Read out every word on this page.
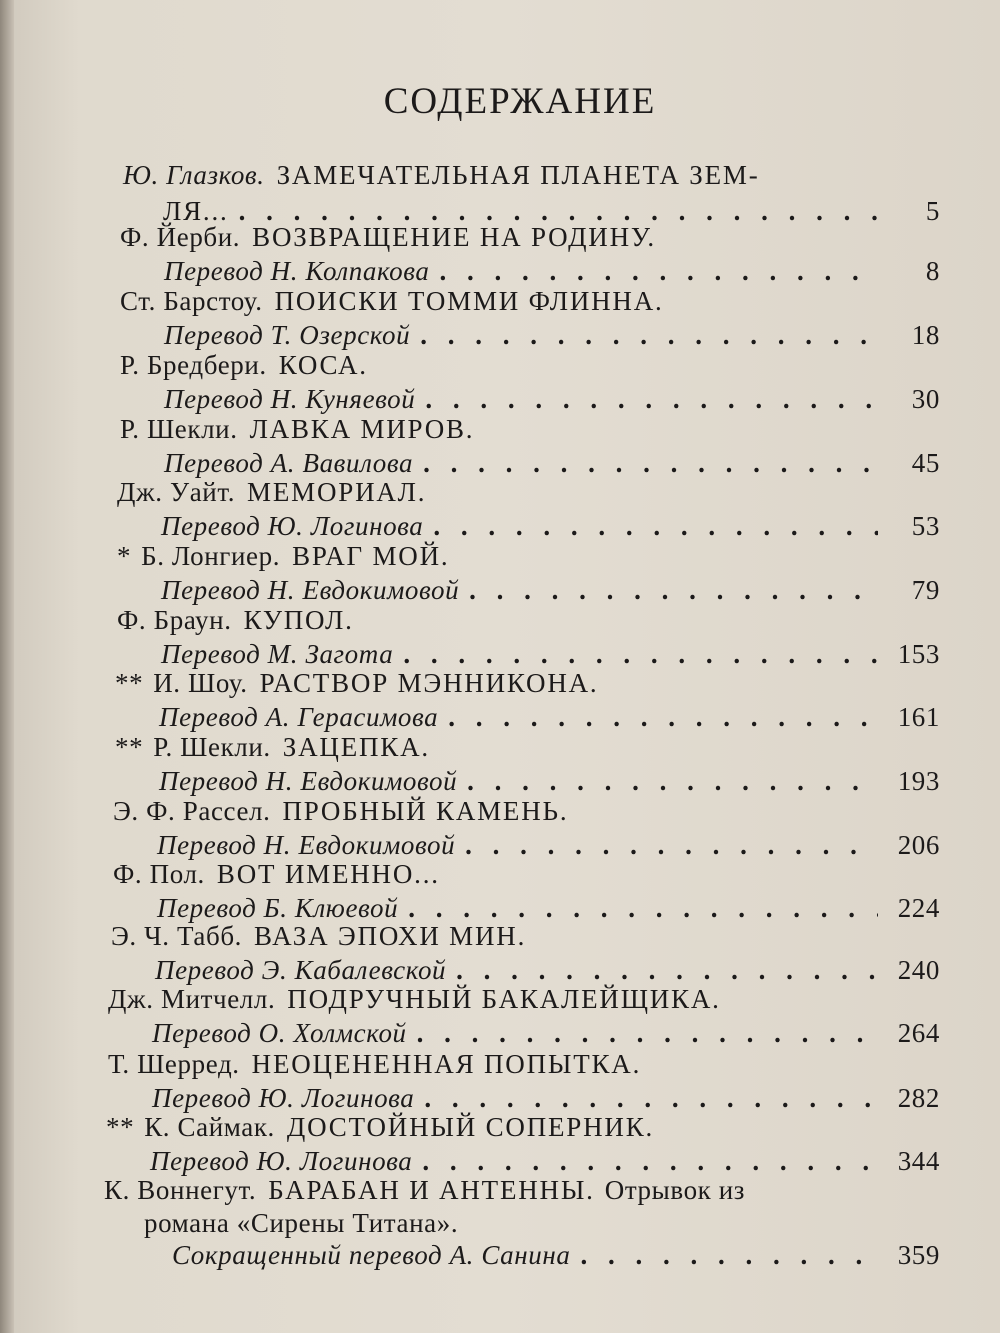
СОДЕРЖАНИЕ
Ю. Глазков. ЗАМЕЧАТЕЛЬНАЯ ПЛАНЕТА ЗЕМ-
ЛЯ... . . .	5
Ф. Йерби. ВОЗВРАЩЕНИЕ НА РОДИНУ.
Перевод Н. Колпакова . . .	8
Ст. Барстоу. ПОИСКИ ТОММИ ФЛИННА.
Перевод Т. Озерской . . .	18
Р. Бредбери. КОСА.
Перевод Н. Куняевой . . .	30
Р. Шекли. ЛАВКА МИРОВ.
Перевод А. Вавилова . . .	45
Дж. Уайт. МЕМОРИАЛ.
Перевод Ю. Логинова . . .	53
* Б. Лонгиер. ВРАГ МОЙ.
Перевод Н. Евдокимовой . . .	79
Ф. Браун. КУПОЛ.
Перевод М. Загота . . .	153
** И. Шоу. РАСТВОР МЭННИКОНА.
Перевод А. Герасимова . . .	161
** Р. Шекли. ЗАЦЕПКА.
Перевод Н. Евдокимовой . . .	193
Э. Ф. Рассел. ПРОБНЫЙ КАМЕНЬ.
Перевод Н. Евдокимовой . . .	206
Ф. Пол. ВОТ ИМЕННО...
Перевод Б. Клюевой . . .	224
Э. Ч. Табб. ВАЗА ЭПОХИ МИН.
Перевод Э. Кабалевской . . .	240
Дж. Митчелл. ПОДРУЧНЫЙ БАКАЛЕЙЩИКА.
Перевод О. Холмской . . .	264
Т. Шерред. НЕОЦЕНЕННАЯ ПОПЫТКА.
Перевод Ю. Логинова . . .	282
** К. Саймак. ДОСТОЙНЫЙ СОПЕРНИК.
Перевод Ю. Логинова . . .	344
К. Воннегут. БАРАБАН И АНТЕННЫ. Отрывок из
романа «Сирены Титана».
Сокращенный перевод А. Санина . . .	359
